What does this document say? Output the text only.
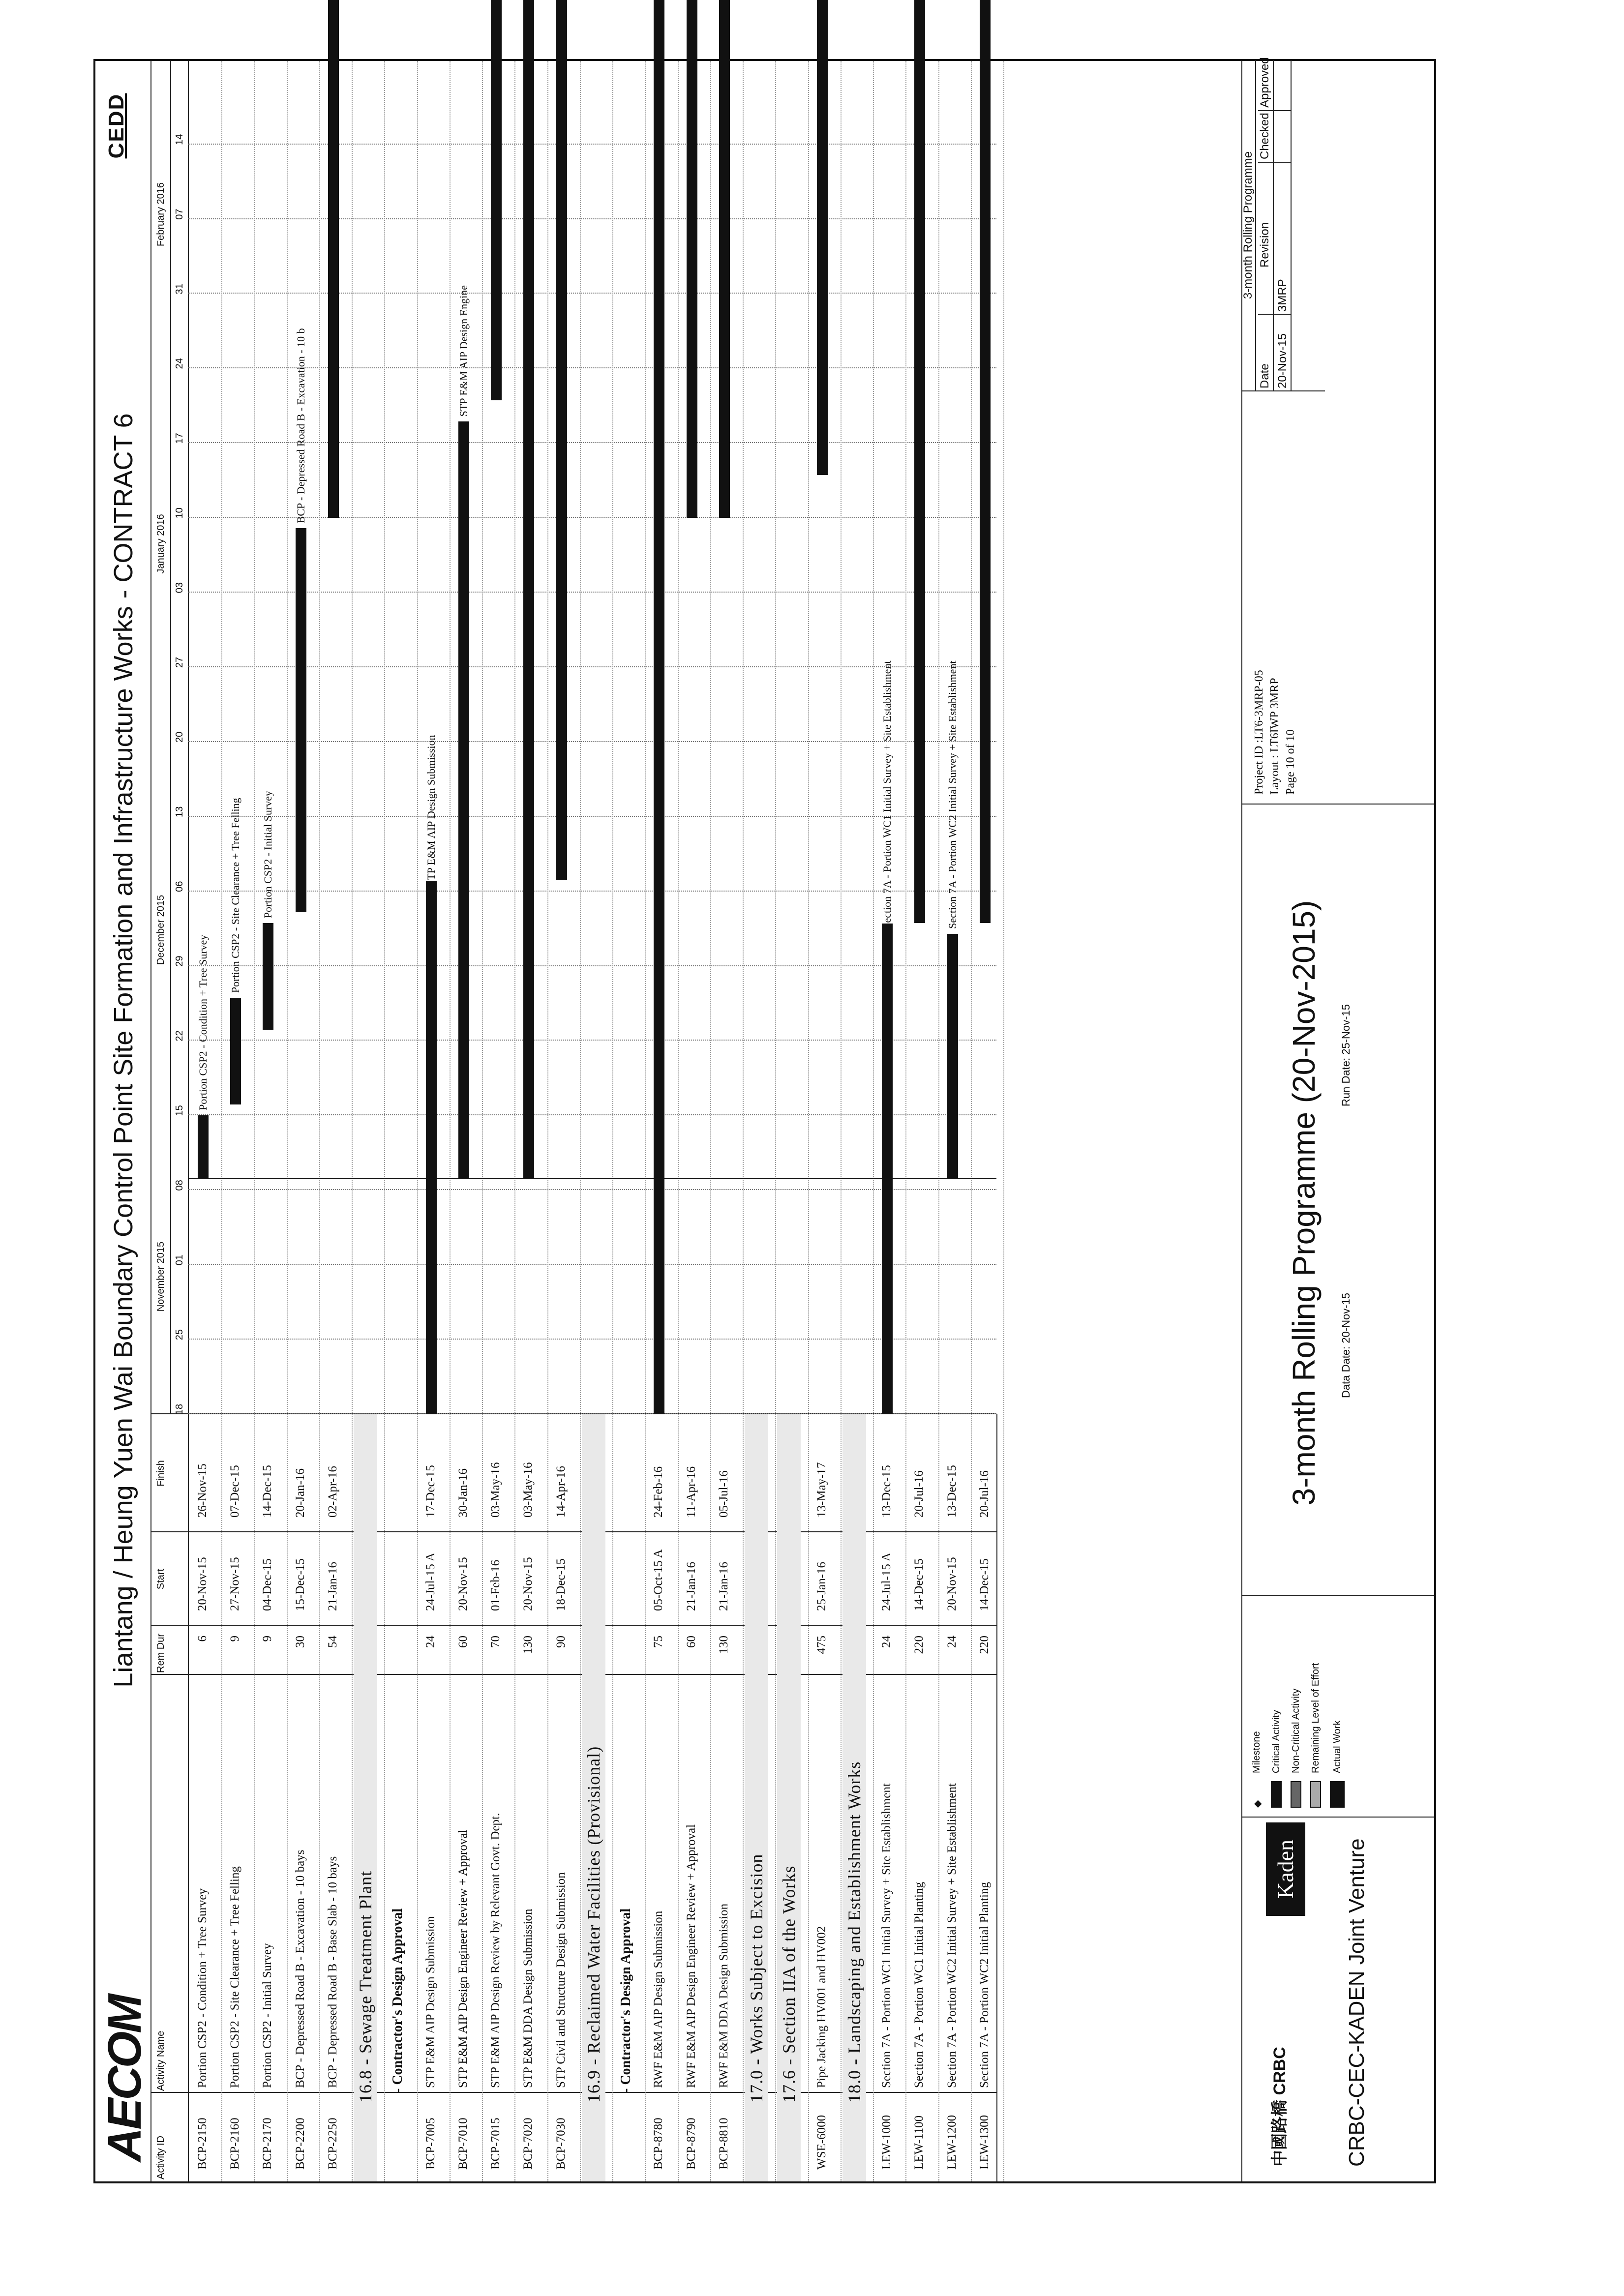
AECOM
Liantang / Heung Yuen Wai Boundary Control Point Site Formation and Infrastructure Works - CONTRACT 6
CEDD
Activity ID
Activity Name
Rem Dur
Start
Finish
November 2015
December 2015
January 2016
February 2016
18
25
01
08
15
22
29
06
13
20
27
03
10
17
24
31
07
14
BCP-2150
Portion CSP2 - Condition + Tree Survey
6
20-Nov-15
26-Nov-15
Portion CSP2 - Condition + Tree Survey
BCP-2160
Portion CSP2 - Site Clearance + Tree Felling
9
27-Nov-15
07-Dec-15
Portion CSP2 - Site Clearance + Tree Felling
BCP-2170
Portion CSP2 - Initial Survey
9
04-Dec-15
14-Dec-15
Portion CSP2 - Initial Survey
BCP-2200
BCP - Depressed Road B - Excavation - 10 bays
30
15-Dec-15
20-Jan-16
BCP - Depressed Road B - Excavation - 10 b
BCP-2250
BCP - Depressed Road B - Base Slab - 10 bays
54
21-Jan-16
02-Apr-16
16.8 - Sewage Treatment Plant - Contractor's Design Approval
BCP-7005
STP E&M AIP Design Submission
24
24-Jul-15 A
17-Dec-15
STP E&M AIP Design Submission
BCP-7010
STP E&M AIP Design Engineer Review + Approval
60
20-Nov-15
30-Jan-16
STP E&M AIP Design Engine
BCP-7015
STP E&M AIP Design Review by Relevant Govt. Dept.
70
01-Feb-16
03-May-16
BCP-7020
STP E&M DDA Design Submission
130
20-Nov-15
03-May-16
BCP-7030
STP Civil and Structure Design Submission
90
18-Dec-15
14-Apr-16
16.9 - Reclaimed Water Facilities (Provisional) - Contractor's Design Approval
BCP-8780
RWF E&M AIP Design Submission
75
05-Oct-15 A
24-Feb-16
BCP-8790
RWF E&M AIP Design Engineer Review + Approval
60
21-Jan-16
11-Apr-16
BCP-8810
RWF E&M DDA Design Submission
130
21-Jan-16
05-Jul-16
17.0 - Works Subject to Excision 17.6 - Section IIA of the Works
WSE-6000
Pipe Jacking HV001 and HV002
475
25-Jan-16
13-May-17
18.0 - Landscaping and Establishment Works
LEW-1000
Section 7A - Portion WC1 Initial Survey + Site Establishment
24
24-Jul-15 A
13-Dec-15
Section 7A - Portion WC1 Initial Survey + Site Establishment
LEW-1100
Section 7A - Portion WC1 Initial Planting
220
14-Dec-15
20-Jul-16
LEW-1200
Section 7A - Portion WC2 Initial Survey + Site Establishment
24
20-Nov-15
13-Dec-15
Section 7A - Portion WC2 Initial Survey + Site Establishment
LEW-1300
Section 7A - Portion WC2 Initial Planting
220
14-Dec-15
20-Jul-16
中國路橋 CRBC
Kaden	CRBC-CEC-KADEN Joint Venture
◆
Milestone Critical Activity Non-Critical Activity Remaining Level of Effort Actual Work
3-month Rolling Programme (20-Nov-2015) Data Date: 20-Nov-15
Run Date: 25-Nov-15
Project ID :LT6-3MRP-05 Layout : LT6IWP 3MRP Page 10 of 10
3-month Rolling Programme
Date
Revision
Checked
Approved
20-Nov-15
3MRP
